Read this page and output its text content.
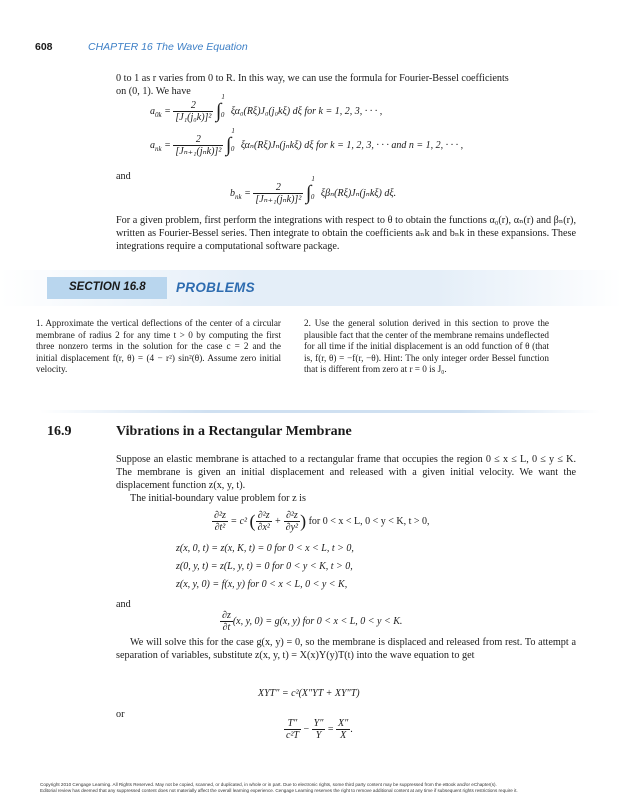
608	CHAPTER 16 The Wave Equation
0 to 1 as r varies from 0 to R. In this way, we can use the formula for Fourier-Bessel coefficients
on (0, 1). We have
$a_{0k} = \frac{2}{\text{[J₁(j₀k)]²}} \int^1_0$ ξα₀(Rξ)J₀(j₀kξ) dξ for k = 1, 2, 3, · · · ,
$a_{nk} = \frac{2}{\text{[Jₙ₊₁(jₙk)]²}} \int^1_0$ ξαₙ(Rξ)Jₙ(jₙkξ) dξ for k = 1, 2, 3, · · · and n = 1, 2, · · · ,
and
$b_{nk} = \frac{2}{\text{[Jₙ₊₁(jₙk)]²}} \int^1_0$ ξβₙ(Rξ)Jₙ(jₙkξ) dξ.
For a given problem, first perform the integrations with respect to θ to obtain the functions α₀(r), αₙ(r) and βₙ(r), written as Fourier-Bessel series. Then integrate to obtain the coefficients aₙk and bₙk in these expansions. These integrations require a computational software package.
SECTION 16.8 PROBLEMS
1. Approximate the vertical deflections of the center of a circular membrane of radius 2 for any time t > 0 by computing the first three nonzero terms in the solution for the case c = 2 and the initial displacement f(r, θ) = (4 − r²) sin²(θ). Assume zero initial velocity.
2. Use the general solution derived in this section to prove the plausible fact that the center of the membrane remains undeflected for all time if the initial displacement is an odd function of θ (that is, f(r, θ) = −f(r, −θ). Hint: The only integer order Bessel function that is different from zero at r = 0 is J₀.
16.9	Vibrations in a Rectangular Membrane
Suppose an elastic membrane is attached to a rectangular frame that occupies the region 0 ≤ x ≤ L, 0 ≤ y ≤ K. The membrane is given an initial displacement and released with a given initial velocity. We want the displacement function z(x, y, t).
The initial-boundary value problem for z is
$\frac{\text{∂²z}}{\text{∂t²}} = c^2$ ( $\frac{\text{∂²z}}{\text{∂x²}} + \frac{\text{∂²z}}{\text{∂y²}}$ ) for 0 < x < L, 0 < y < K, t > 0,
z(x, 0, t) = z(x, K, t) = 0 for 0 < x < L, t > 0,
z(0, y, t) = z(L, y, t) = 0 for 0 < y < K, t > 0,
z(x, y, 0) = f(x, y) for 0 < x < L, 0 < y < K,
and
$\frac{\partial z}{\partial t} (x$, y, 0) = g(x, y) for 0 < x < L, 0 < y < K.
We will solve this for the case g(x, y) = 0, so the membrane is displaced and released from rest. To attempt a separation of variables, substitute z(x, y, t) = X(x)Y(y)T(t) into the wave equation to get
XYT″ = c²(X″YT + XY″T)
or
$\frac{T''}{\text{c²T}} - \frac{Y''}{Y} = \frac{X''}{X}$ .
Copyright 2010 Cengage Learning. All Rights Reserved. May not be copied, scanned, or duplicated, in whole or in part. Due to electronic rights, some third party content may be suppressed from the eBook and/or eChapter(s).
Editorial review has deemed that any suppressed content does not materially affect the overall learning experience. Cengage Learning reserves the right to remove additional content at any time if subsequent rights restrictions require it.
